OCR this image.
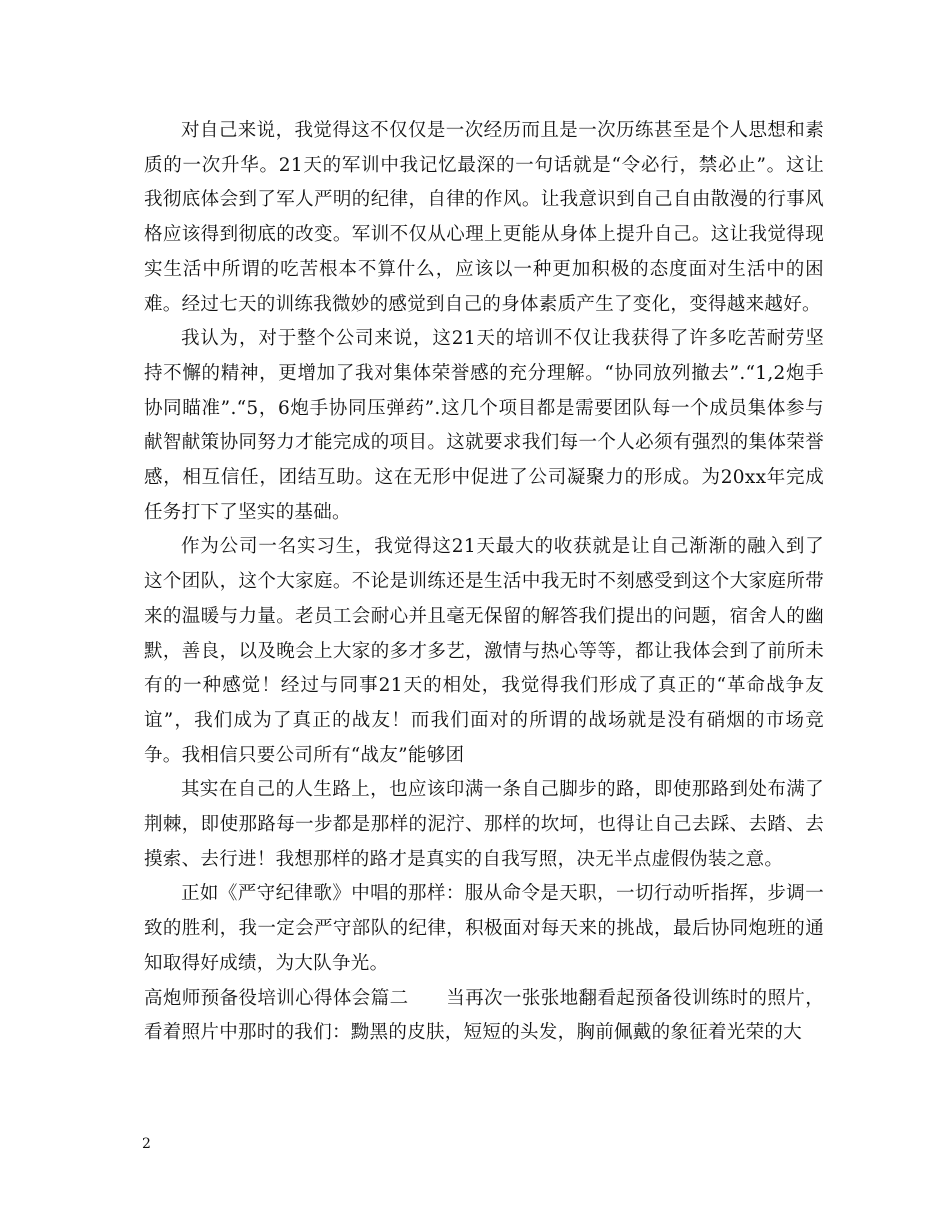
对自己来说，我觉得这不仅仅是一次经历而且是一次历练甚至是个人思想和素质的一次升华。21天的军训中我记忆最深的一句话就是“令必行，禁必止”。这让我彻底体会到了军人严明的纪律，自律的作风。让我意识到自己自由散漫的行事风格应该得到彻底的改变。军训不仅从心理上更能从身体上提升自己。这让我觉得现实生活中所谓的吃苦根本不算什么，应该以一种更加积极的态度面对生活中的困难。经过七天的训练我微妙的感觉到自己的身体素质产生了变化，变得越来越好。

我认为，对于整个公司来说，这21天的培训不仅让我获得了许多吃苦耐劳坚持不懈的精神，更增加了我对集体荣誉感的充分理解。“协同放列撤去”.“1,2炮手协同瞄准”.“5，6炮手协同压弹药”.这几个项目都是需要团队每一个成员集体参与献智献策协同努力才能完成的项目。这就要求我们每一个人必须有强烈的集体荣誉感，相互信任，团结互助。这在无形中促进了公司凝聚力的形成。为20xx年完成任务打下了坚实的基础。

作为公司一名实习生，我觉得这21天最大的收获就是让自己渐渐的融入到了这个团队，这个大家庭。不论是训练还是生活中我无时不刻感受到这个大家庭所带来的温暖与力量。老员工会耐心并且毫无保留的解答我们提出的问题，宿舍人的幽默，善良，以及晚会上大家的多才多艺，激情与热心等等，都让我体会到了前所未有的一种感觉！经过与同事21天的相处，我觉得我们形成了真正的“革命战争友谊”，我们成为了真正的战友！而我们面对的所谓的战场就是没有硝烟的市场竞争。我相信只要公司所有“战友”能够团

其实在自己的人生路上，也应该印满一条自己脚步的路，即使那路到处布满了荆棘，即使那路每一步都是那样的泥泞、那样的坎坷，也得让自己去踩、去踏、去摸索、去行进！我想那样的路才是真实的自我写照，决无半点虚假伪装之意。

正如《严守纪律歌》中唱的那样：服从命令是天职，一切行动听指挥，步调一致的胜利，我一定会严守部队的纪律，积极面对每天来的挑战，最后协同炮班的通知取得好成绩，为大队争光。

高炮师预备役培训心得体会篇二　　当再次一张张地翻看起预备役训练时的照片，看着照片中那时的我们：黝黑的皮肤，短短的头发，胸前佩戴的象征着光荣的大

2
